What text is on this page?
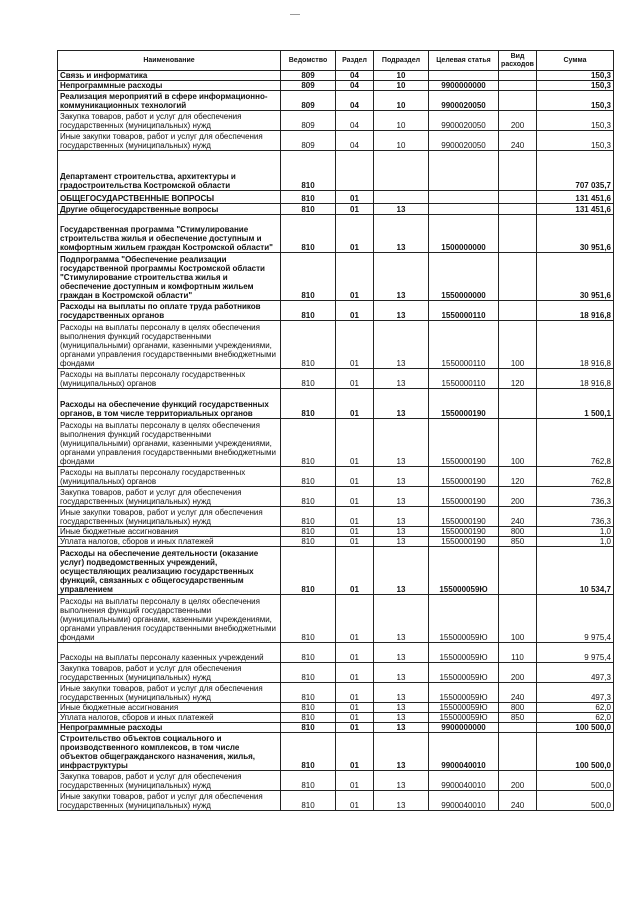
Наименование	Ведомство	Раздел	Подраздел	Целевая статья	Вид расходов	Сумма
Связь и информатика	809	04	10			150,3
Непрограммные расходы	809	04	10	9900000000		150,3
Реализация мероприятий в сфере информационно-коммуникационных технологий	809	04	10	9900020050		150,3
Закупка товаров, работ и услуг для обеспечения государственных (муниципальных) нужд	809	04	10	9900020050	200	150,3
Иные закупки товаров, работ и услуг для обеспечения государственных (муниципальных) нужд	809	04	10	9900020050	240	150,3
Департамент строительства, архитектуры и градостроительства Костромской области	810					707 035,7
ОБЩЕГОСУДАРСТВЕННЫЕ ВОПРОСЫ	810	01				131 451,6
Другие общегосударственные вопросы	810	01	13			131 451,6
Государственная программа "Стимулирование строительства жилья и обеспечение доступным и комфортным жильем граждан Костромской области"	810	01	13	1500000000		30 951,6
Подпрограмма "Обеспечение реализации государственной программы Костромской области "Стимулирование строительства жилья и обеспечение доступным и комфортным жильем граждан в Костромской области"	810	01	13	1550000000		30 951,6
Расходы на выплаты по оплате труда работников государственных органов	810	01	13	1550000110		18 916,8
Расходы на выплаты персоналу в целях обеспечения выполнения функций государственными (муниципальными) органами, казенными учреждениями, органами управления государственными внебюджетными фондами	810	01	13	1550000110	100	18 916,8
Расходы на выплаты персоналу государственных (муниципальных) органов	810	01	13	1550000110	120	18 916,8
Расходы на обеспечение функций государственных органов, в том числе территориальных органов	810	01	13	1550000190		1 500,1
Расходы на выплаты персоналу в целях обеспечения выполнения функций государственными (муниципальными) органами, казенными учреждениями, органами управления государственными внебюджетными фондами	810	01	13	1550000190	100	762,8
Расходы на выплаты персоналу государственных (муниципальных) органов	810	01	13	1550000190	120	762,8
Закупка товаров, работ и услуг для обеспечения государственных (муниципальных) нужд	810	01	13	1550000190	200	736,3
Иные закупки товаров, работ и услуг для обеспечения государственных (муниципальных) нужд	810	01	13	1550000190	240	736,3
Иные бюджетные ассигнования	810	01	13	1550000190	800	1,0
Уплата налогов, сборов и иных платежей	810	01	13	1550000190	850	1,0
Расходы на обеспечение деятельности (оказание услуг) подведомственных учреждений, осуществляющих реализацию государственных функций, связанных с общегосударственным управлением	810	01	13	155000059Ю		10 534,7
Расходы на выплаты персоналу в целях обеспечения выполнения функций государственными (муниципальными) органами, казенными учреждениями, органами управления государственными внебюджетными фондами	810	01	13	155000059Ю	100	9 975,4
Расходы на выплаты персоналу казенных учреждений	810	01	13	155000059Ю	110	9 975,4
Закупка товаров, работ и услуг для обеспечения государственных (муниципальных) нужд	810	01	13	155000059Ю	200	497,3
Иные закупки товаров, работ и услуг для обеспечения государственных (муниципальных) нужд	810	01	13	155000059Ю	240	497,3
Иные бюджетные ассигнования	810	01	13	155000059Ю	800	62,0
Уплата налогов, сборов и иных платежей	810	01	13	155000059Ю	850	62,0
Непрограммные расходы	810	01	13	9900000000		100 500,0
Строительство объектов социального и производственного комплексов, в том числе объектов общегражданского назначения, жилья, инфраструктуры	810	01	13	9900040010		100 500,0
Закупка товаров, работ и услуг для обеспечения государственных (муниципальных) нужд	810	01	13	9900040010	200	500,0
Иные закупки товаров, работ и услуг для обеспечения государственных (муниципальных) нужд	810	01	13	9900040010	240	500,0
